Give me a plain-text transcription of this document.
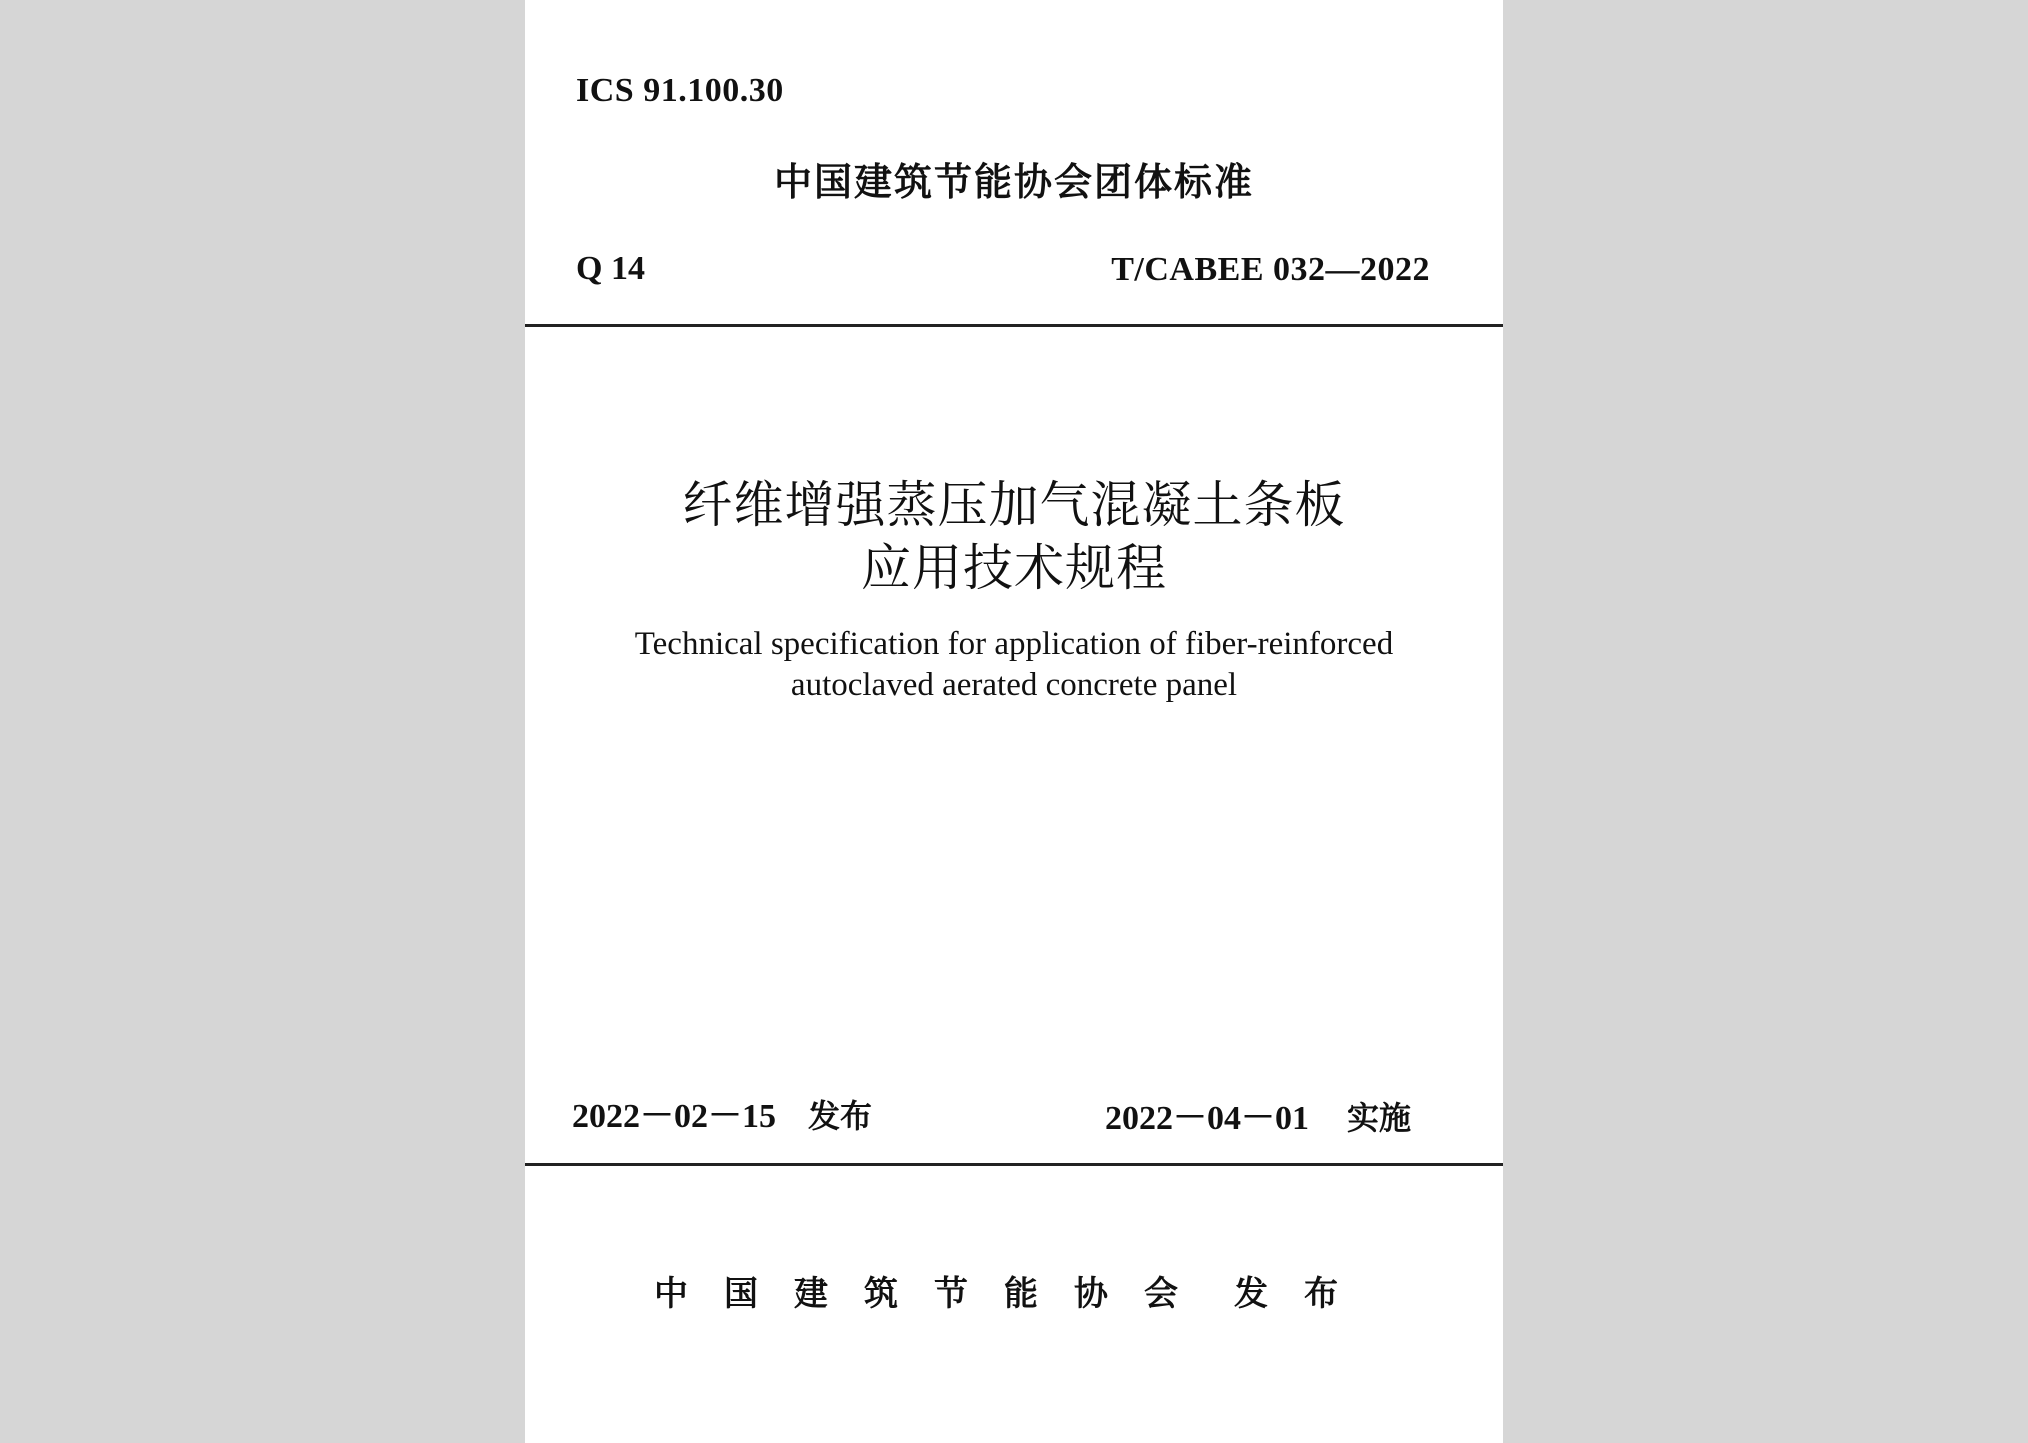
ICS 91.100.30
中国建筑节能协会团体标准
Q 14	T/CABEE 032—2022
纤维增强蒸压加气混凝土条板
应用技术规程
Technical specification for application of fiber-reinforced
autoclaved aerated concrete panel
2022－02－15 发布	2022－04－01 实施
中国建筑节能协会 发布
